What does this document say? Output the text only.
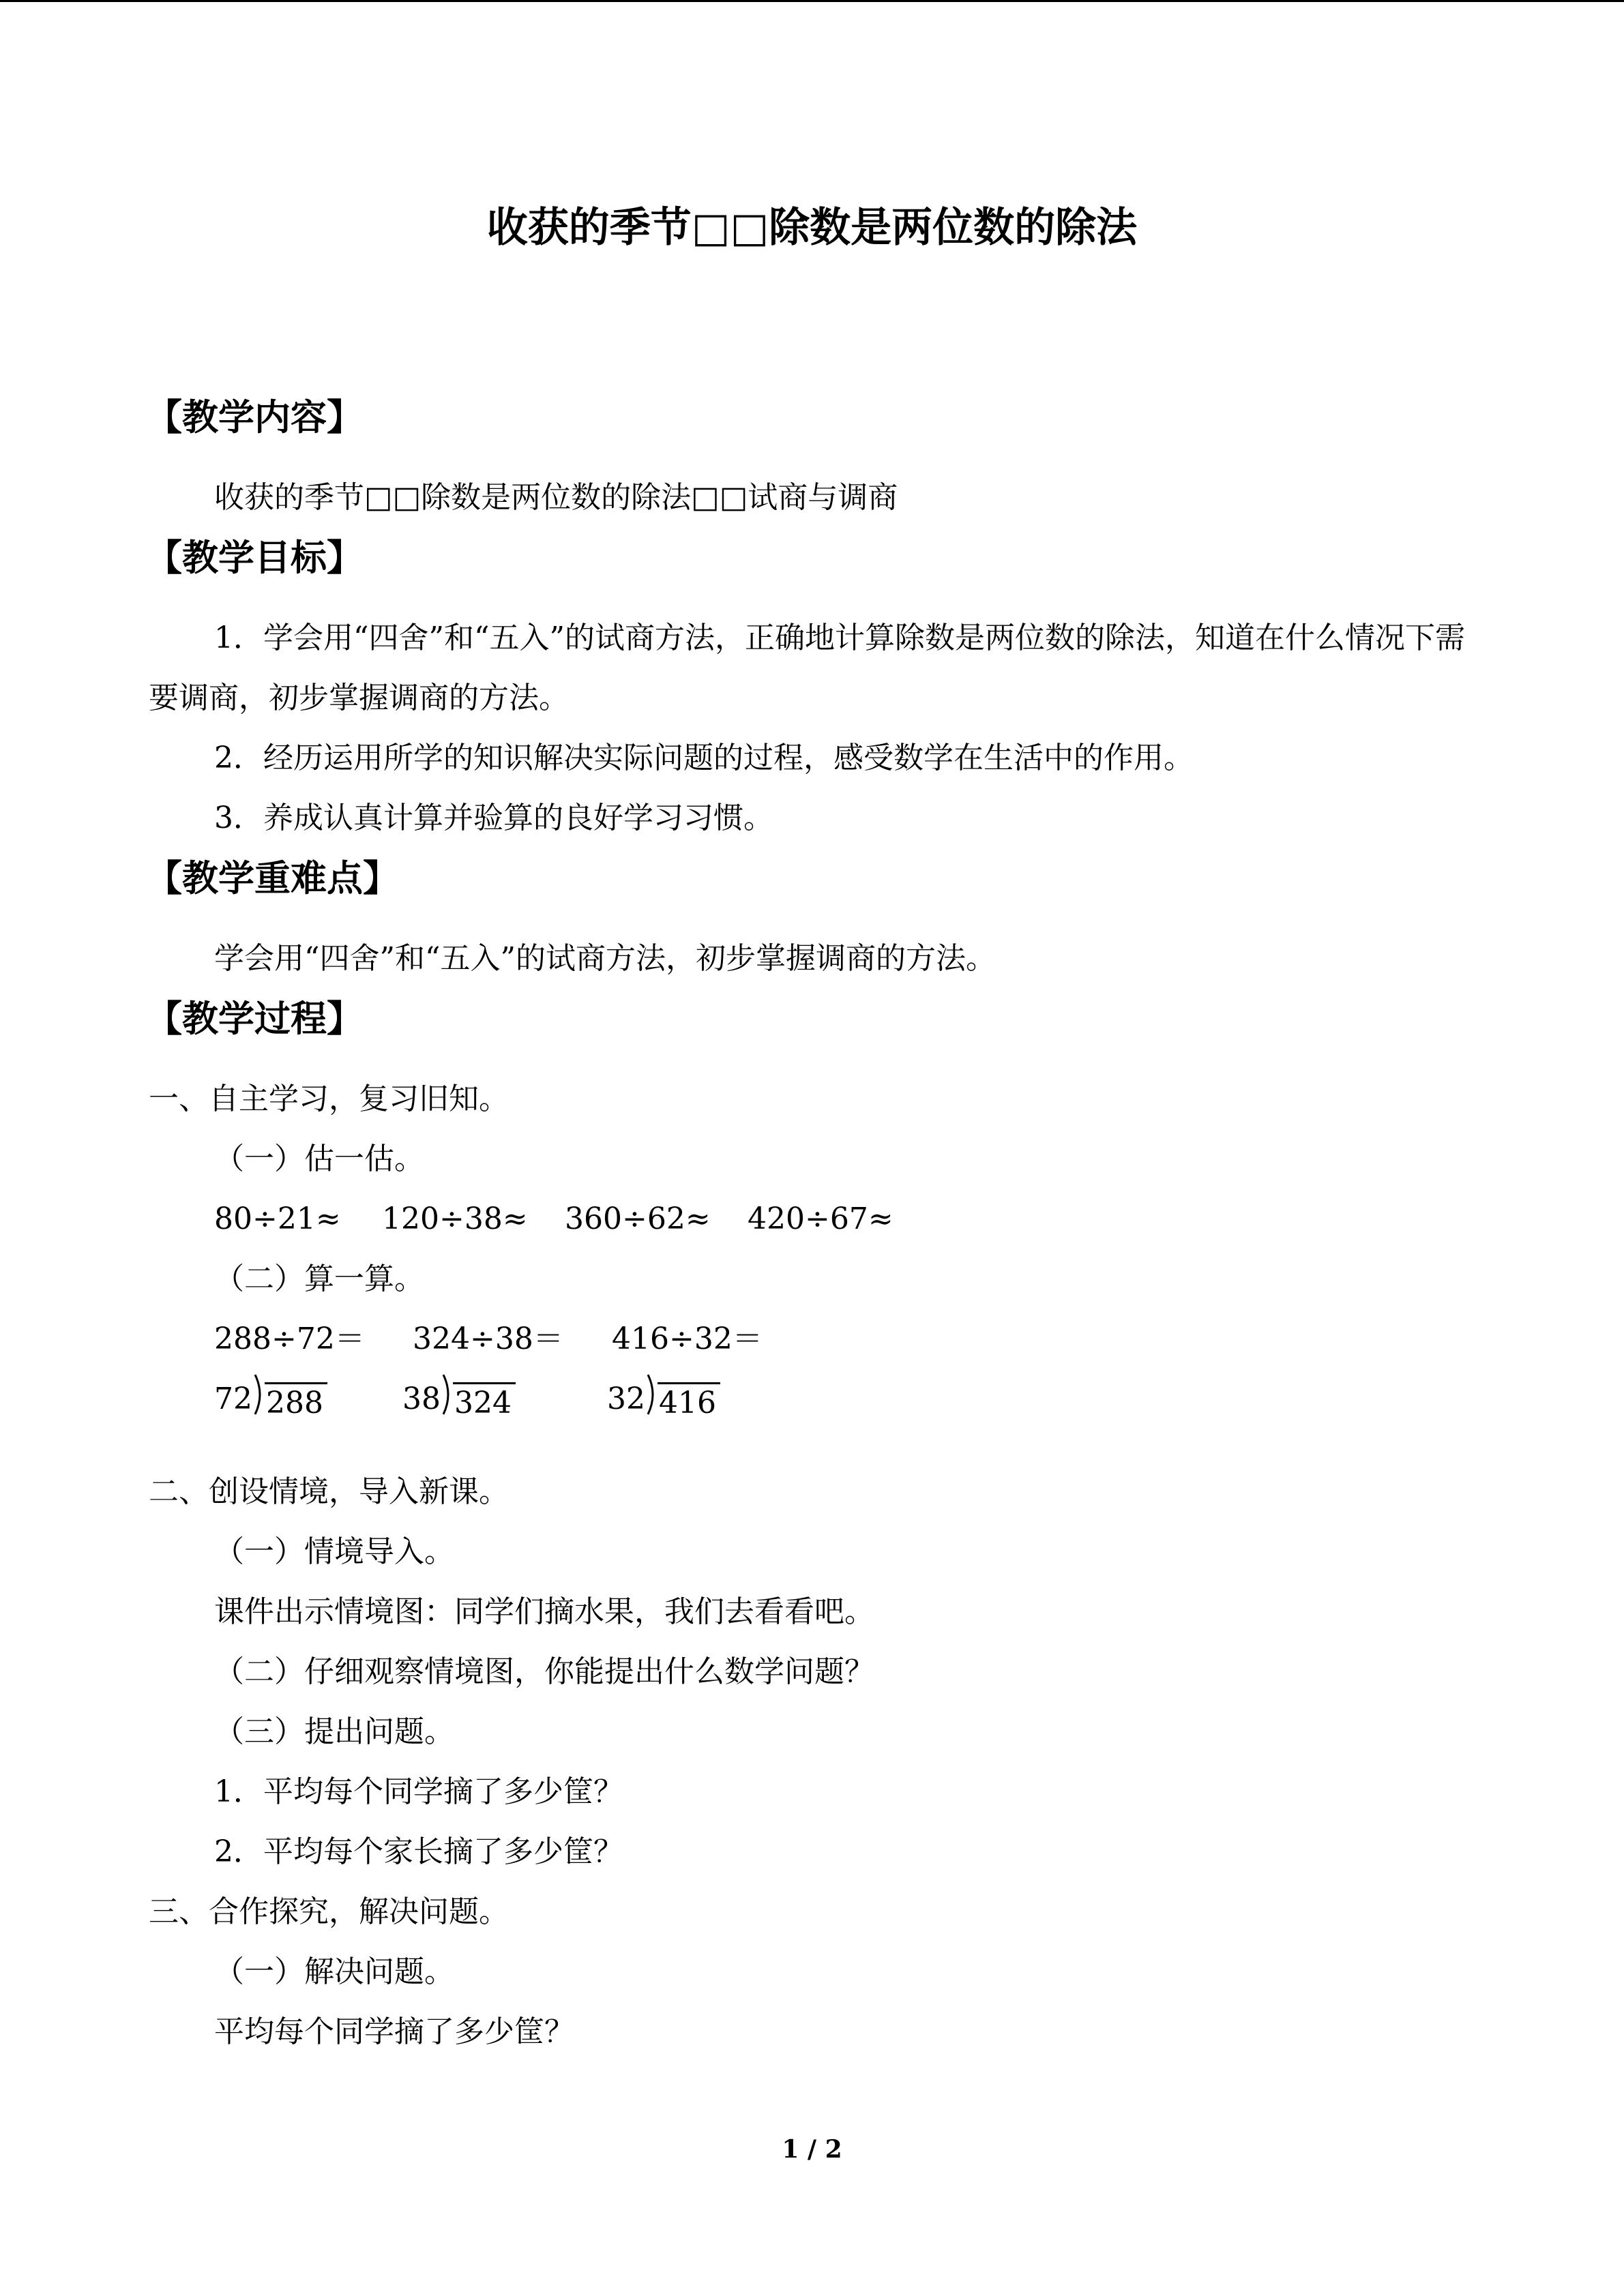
收获的季节□□除数是两位数的除法
【教学内容】
收获的季节□□除数是两位数的除法□□试商与调商
【教学目标】
1．学会用“四舍”和“五入”的试商方法，正确地计算除数是两位数的除法，知道在什么情况下需要调商，初步掌握调商的方法。
2．经历运用所学的知识解决实际问题的过程，感受数学在生活中的作用。
3．养成认真计算并验算的良好学习习惯。
【教学重难点】
学会用“四舍”和“五入”的试商方法，初步掌握调商的方法。
【教学过程】
一、自主学习，复习旧知。
（一）估一估。
80÷21≈ 120÷38≈ 360÷62≈ 420÷67≈
（二）算一算。
288÷72＝ 324÷38＝ 416÷32＝
72 288	38 324	32 416
二、创设情境，导入新课。
（一）情境导入。
课件出示情境图：同学们摘水果，我们去看看吧。
（二）仔细观察情境图，你能提出什么数学问题？
（三）提出问题。
1．平均每个同学摘了多少筐？
2．平均每个家长摘了多少筐？
三、合作探究，解决问题。
（一）解决问题。
平均每个同学摘了多少筐？
1 / 2
